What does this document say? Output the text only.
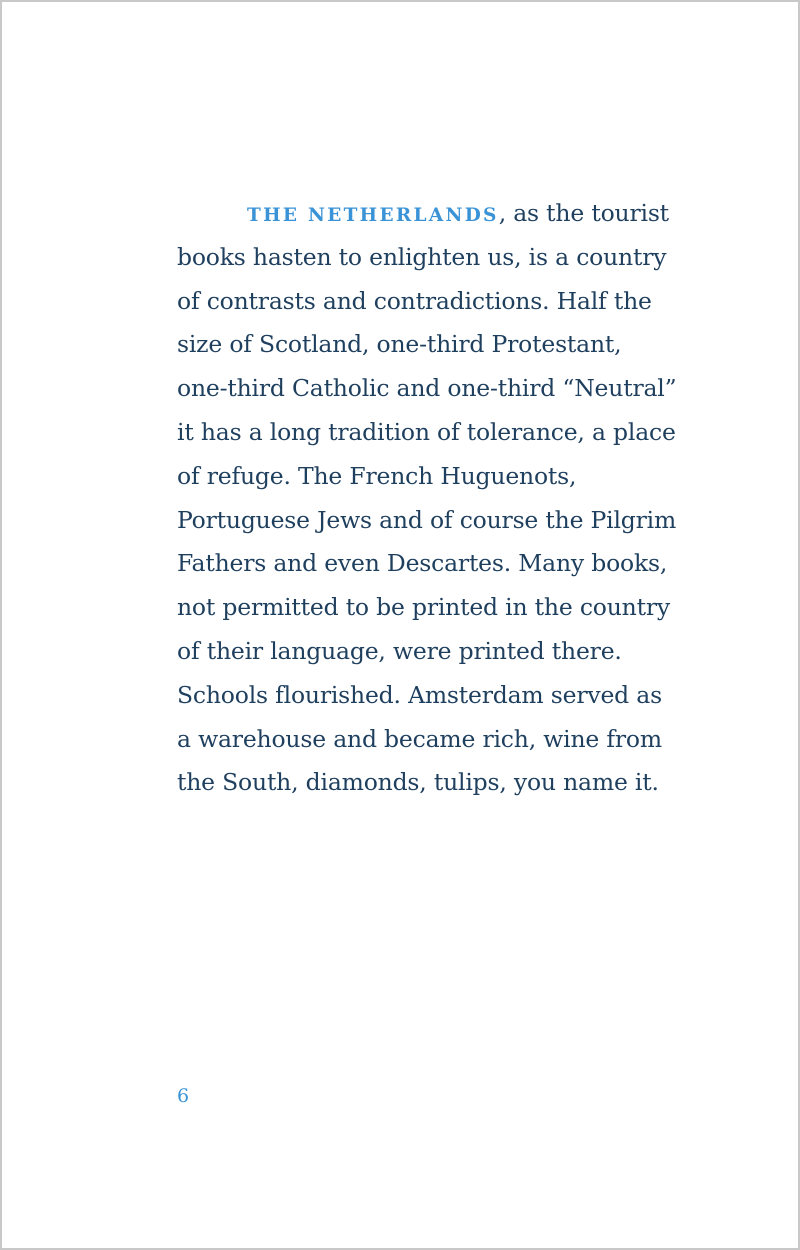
THE NETHERLANDS, as the tourist
books hasten to enlighten us, is a country
of contrasts and contradictions. Half the
size of Scotland, one-third Protestant,
one-third Catholic and one-third “Neutral”
it has a long tradition of tolerance, a place
of refuge. The French Huguenots,
Portuguese Jews and of course the Pilgrim
Fathers and even Descartes. Many books,
not permitted to be printed in the country
of their language, were printed there.
Schools flourished. Amsterdam served as
a warehouse and became rich, wine from
the South, diamonds, tulips, you name it.
6
